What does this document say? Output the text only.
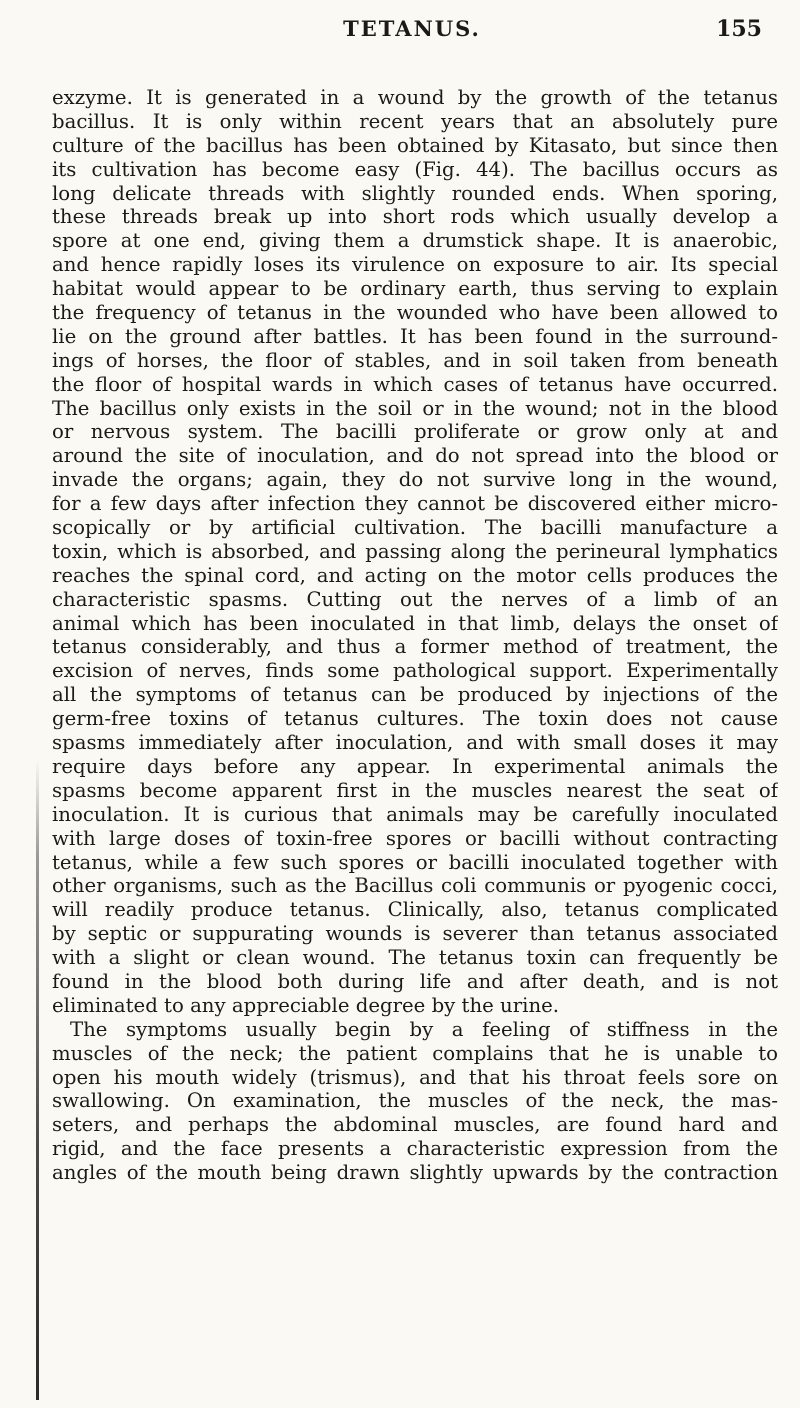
TETANUS.	155
exzyme. It is generated in a wound by the growth of the tetanus
bacillus. It is only within recent years that an absolutely pure
culture of the bacillus has been obtained by Kitasato, but since then
its cultivation has become easy (Fig. 44). The bacillus occurs as
long delicate threads with slightly rounded ends. When sporing,
these threads break up into short rods which usually develop a
spore at one end, giving them a drumstick shape. It is anaerobic,
and hence rapidly loses its virulence on exposure to air. Its special
habitat would appear to be ordinary earth, thus serving to explain
the frequency of tetanus in the wounded who have been allowed to
lie on the ground after battles. It has been found in the surround-
ings of horses, the floor of stables, and in soil taken from beneath
the floor of hospital wards in which cases of tetanus have occurred.
The bacillus only exists in the soil or in the wound; not in the blood
or nervous system. The bacilli proliferate or grow only at and
around the site of inoculation, and do not spread into the blood or
invade the organs; again, they do not survive long in the wound,
for a few days after infection they cannot be discovered either micro-
scopically or by artificial cultivation. The bacilli manufacture a
toxin, which is absorbed, and passing along the perineural lymphatics
reaches the spinal cord, and acting on the motor cells produces the
characteristic spasms. Cutting out the nerves of a limb of an
animal which has been inoculated in that limb, delays the onset of
tetanus considerably, and thus a former method of treatment, the
excision of nerves, finds some pathological support. Experimentally
all the symptoms of tetanus can be produced by injections of the
germ-free toxins of tetanus cultures. The toxin does not cause
spasms immediately after inoculation, and with small doses it may
require days before any appear. In experimental animals the
spasms become apparent first in the muscles nearest the seat of
inoculation. It is curious that animals may be carefully inoculated
with large doses of toxin-free spores or bacilli without contracting
tetanus, while a few such spores or bacilli inoculated together with
other organisms, such as the Bacillus coli communis or pyogenic cocci,
will readily produce tetanus. Clinically, also, tetanus complicated
by septic or suppurating wounds is severer than tetanus associated
with a slight or clean wound. The tetanus toxin can frequently be
found in the blood both during life and after death, and is not
eliminated to any appreciable degree by the urine.
The symptoms usually begin by a feeling of stiffness in the
muscles of the neck; the patient complains that he is unable to
open his mouth widely (trismus), and that his throat feels sore on
swallowing. On examination, the muscles of the neck, the mas-
seters, and perhaps the abdominal muscles, are found hard and
rigid, and the face presents a characteristic expression from the
angles of the mouth being drawn slightly upwards by the contraction
